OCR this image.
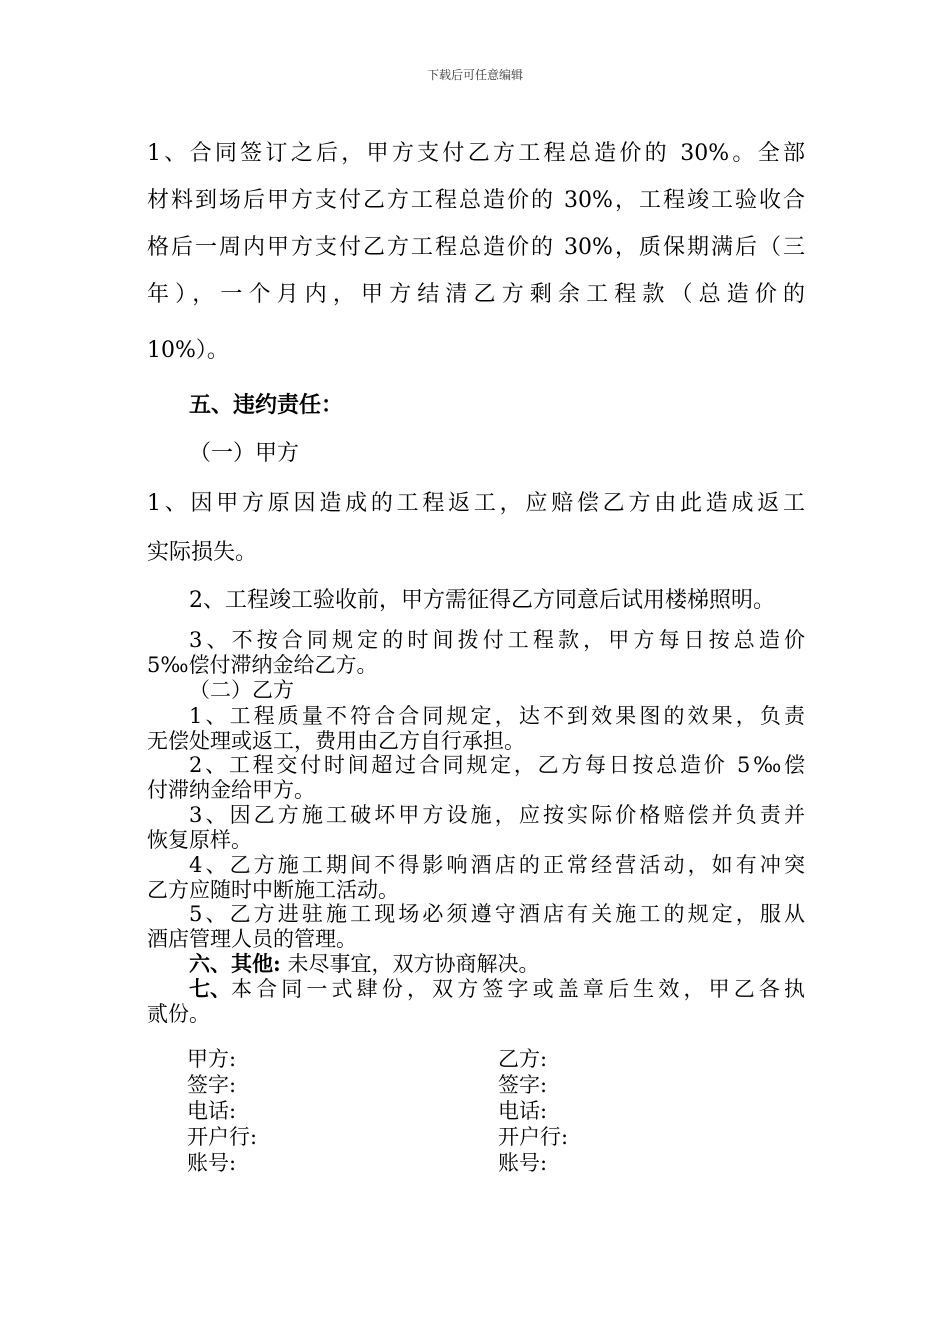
下载后可任意编辑
1、合同签订之后，甲方支付乙方工程总造价的 30%。全部
材料到场后甲方支付乙方工程总造价的 30%，工程竣工验收合
格后一周内甲方支付乙方工程总造价的 30%，质保期满后（三
年），一个月内，甲方结清乙方剩余工程款（总造价的
10%）。
五、违约责任：
（一）甲方
1、因甲方原因造成的工程返工，应赔偿乙方由此造成返工
实际损失。
2、工程竣工验收前，甲方需征得乙方同意后试用楼梯照明。
3、不按合同规定的时间拨付工程款，甲方每日按总造价
5‰偿付滞纳金给乙方。
（二）乙方
1、工程质量不符合合同规定，达不到效果图的效果，负责
无偿处理或返工，费用由乙方自行承担。
2、工程交付时间超过合同规定，乙方每日按总造价 5‰偿
付滞纳金给甲方。
3、因乙方施工破坏甲方设施，应按实际价格赔偿并负责并
恢复原样。
4、乙方施工期间不得影响酒店的正常经营活动，如有冲突
乙方应随时中断施工活动。
5、乙方进驻施工现场必须遵守酒店有关施工的规定，服从
酒店管理人员的管理。
六、其他: 未尽事宜，双方协商解决。
七、 本合同一式肆份，双方签字或盖章后生效，甲乙各执
贰份。
甲方:
签字:
电话:
开户行:
账号:
乙方:
签字:
电话:
开户行:
账号:
